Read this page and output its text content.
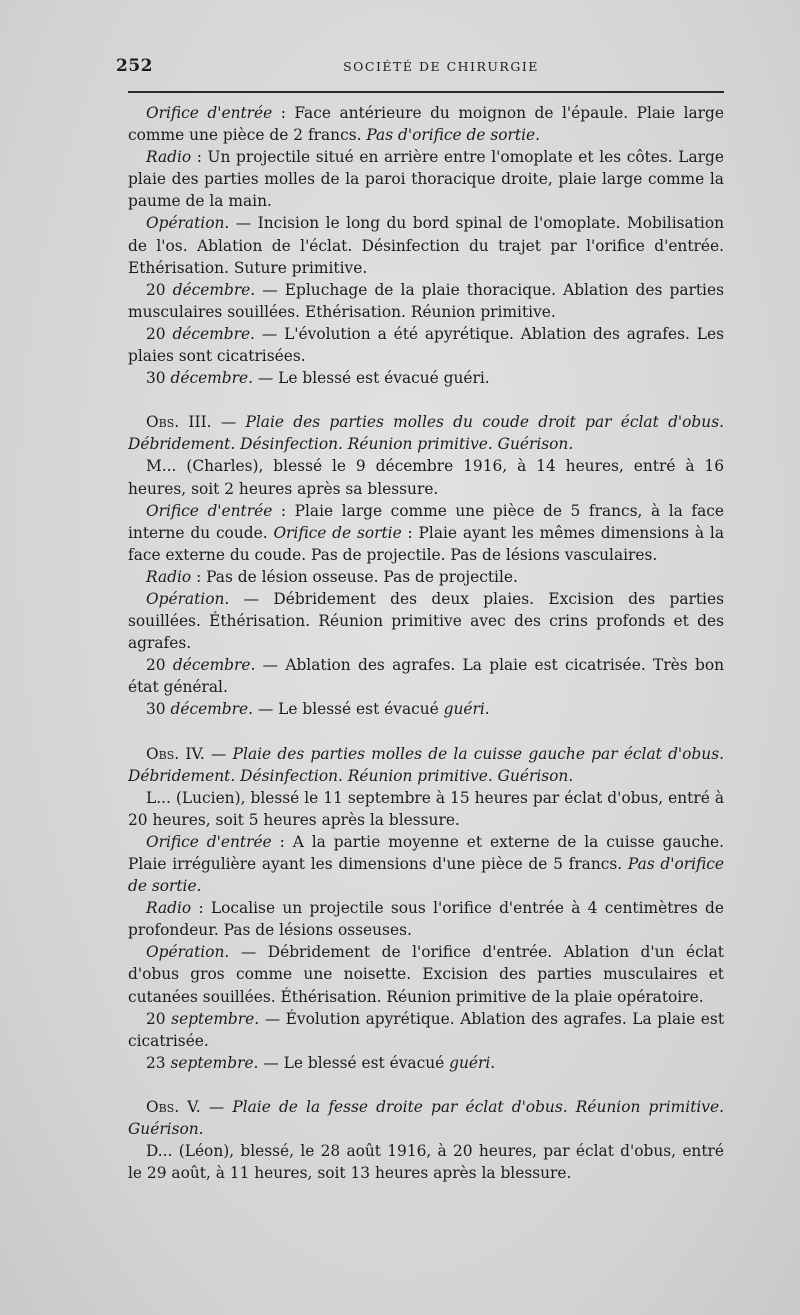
252	SOCIÉTÉ DE CHIRURGIE

Orifice d'entrée : Face antérieure du moignon de l'épaule. Plaie large comme une pièce de 2 francs. Pas d'orifice de sortie.

Radio : Un projectile situé en arrière entre l'omoplate et les côtes. Large plaie des parties molles de la paroi thoracique droite, plaie large comme la paume de la main.

Opération. — Incision le long du bord spinal de l'omoplate. Mobilisation de l'os. Ablation de l'éclat. Désinfection du trajet par l'orifice d'entrée. Ethérisation. Suture primitive.

20 décembre. — Epluchage de la plaie thoracique. Ablation des parties musculaires souillées. Ethérisation. Réunion primitive.

20 décembre. — L'évolution a été apyrétique. Ablation des agrafes. Les plaies sont cicatrisées.

30 décembre. — Le blessé est évacué guéri.

Obs. III. — Plaie des parties molles du coude droit par éclat d'obus. Débridement. Désinfection. Réunion primitive. Guérison.

M... (Charles), blessé le 9 décembre 1916, à 14 heures, entré à 16 heures, soit 2 heures après sa blessure.

Orifice d'entrée : Plaie large comme une pièce de 5 francs, à la face interne du coude. Orifice de sortie : Plaie ayant les mêmes dimensions à la face externe du coude. Pas de projectile. Pas de lésions vasculaires.

Radio : Pas de lésion osseuse. Pas de projectile.

Opération. — Débridement des deux plaies. Excision des parties souillées. Éthérisation. Réunion primitive avec des crins profonds et des agrafes.

20 décembre. — Ablation des agrafes. La plaie est cicatrisée. Très bon état général.

30 décembre. — Le blessé est évacué guéri.

Obs. IV. — Plaie des parties molles de la cuisse gauche par éclat d'obus. Débridement. Désinfection. Réunion primitive. Guérison.

L... (Lucien), blessé le 11 septembre à 15 heures par éclat d'obus, entré à 20 heures, soit 5 heures après la blessure.

Orifice d'entrée : A la partie moyenne et externe de la cuisse gauche. Plaie irrégulière ayant les dimensions d'une pièce de 5 francs. Pas d'orifice de sortie.

Radio : Localise un projectile sous l'orifice d'entrée à 4 centimètres de profondeur. Pas de lésions osseuses.

Opération. — Débridement de l'orifice d'entrée. Ablation d'un éclat d'obus gros comme une noisette. Excision des parties musculaires et cutanées souillées. Éthérisation. Réunion primitive de la plaie opératoire.

20 septembre. — Évolution apyrétique. Ablation des agrafes. La plaie est cicatrisée.

23 septembre. — Le blessé est évacué guéri.

Obs. V. — Plaie de la fesse droite par éclat d'obus. Réunion primitive. Guérison.

D... (Léon), blessé, le 28 août 1916, à 20 heures, par éclat d'obus, entré le 29 août, à 11 heures, soit 13 heures après la blessure.
